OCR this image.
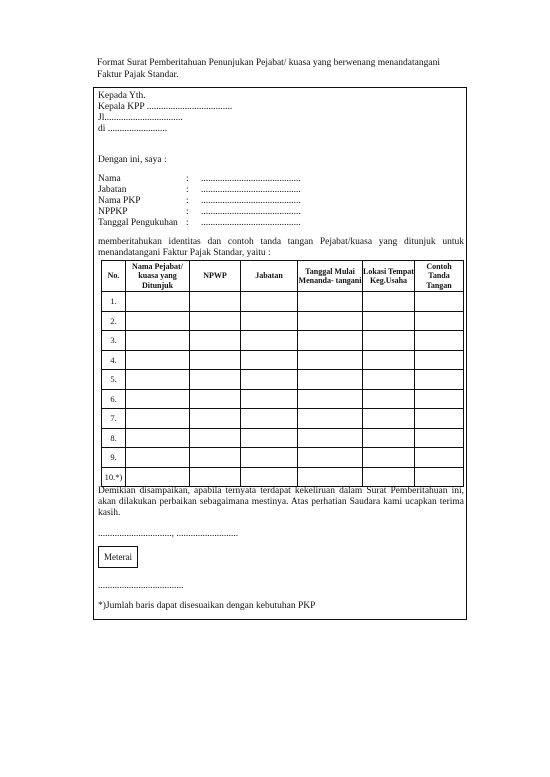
Format Surat Pemberitahuan Penunjukan Pejabat/ kuasa yang berwenang menandatangani Faktur Pajak Standar.
Kepada Yth.
Kepala KPP ....................................
Jl.................................
di .........................
Dengan ini, saya :
Nama	:	..........................................
Jabatan	:	..........................................
Nama PKP	:	..........................................
NPPKP	:	..........................................
Tanggal Pengukuhan :	..........................................
memberitahukan identitas dan contoh tanda tangan Pejabat/kuasa yang ditunjuk untuk menandatangani Faktur Pajak Standar, yaitu :
No.	Nama Pejabat/ kuasa yang Ditunjuk	NPWP	Jabatan	Tanggal Mulai Menanda- tangani	Lokasi Tempat Keg.Usaha	Contoh Tanda Tangan
1.						
2.						
3.						
4.						
5.						
6.						
7.						
8.						
9.						
10.*)						
Demikian disampaikan, apabila ternyata terdapat kekeliruan dalam Surat Pemberitahuan ini, akan dilakukan perbaikan sebagaimana mestinya. Atas perhatian Saudara kami ucapkan terima kasih.
..............................., ..........................
Meterai
....................................
*)Jumlah baris dapat disesuaikan dengan kebutuhan PKP
